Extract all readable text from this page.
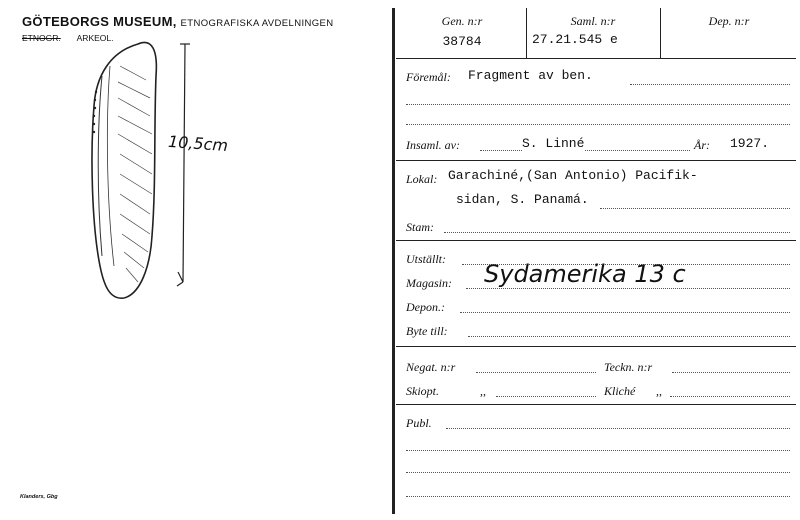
GÖTEBORGS MUSEUM, ETNOGRAFISKA AVDELNINGEN
ETNOGR. ARKEOL.
10,5cm
Klanders, Gbg
Gen. n:r
38784
Saml. n:r
27.21.545 e
Dep. n:r
Föremål: Fragment av ben.
Insaml. av:	S. Linné	År: 1927.
Lokal: Garachiné,(San Antonio) Pacifik-
sidan, S. Panamá.
Stam:
Utställt:
Magasin: Sydamerika 13 c
Depon.:
Byte till:
Negat. n:r	Teckn. n:r
Skiopt.	,,	Kliché ,,
Publ.
